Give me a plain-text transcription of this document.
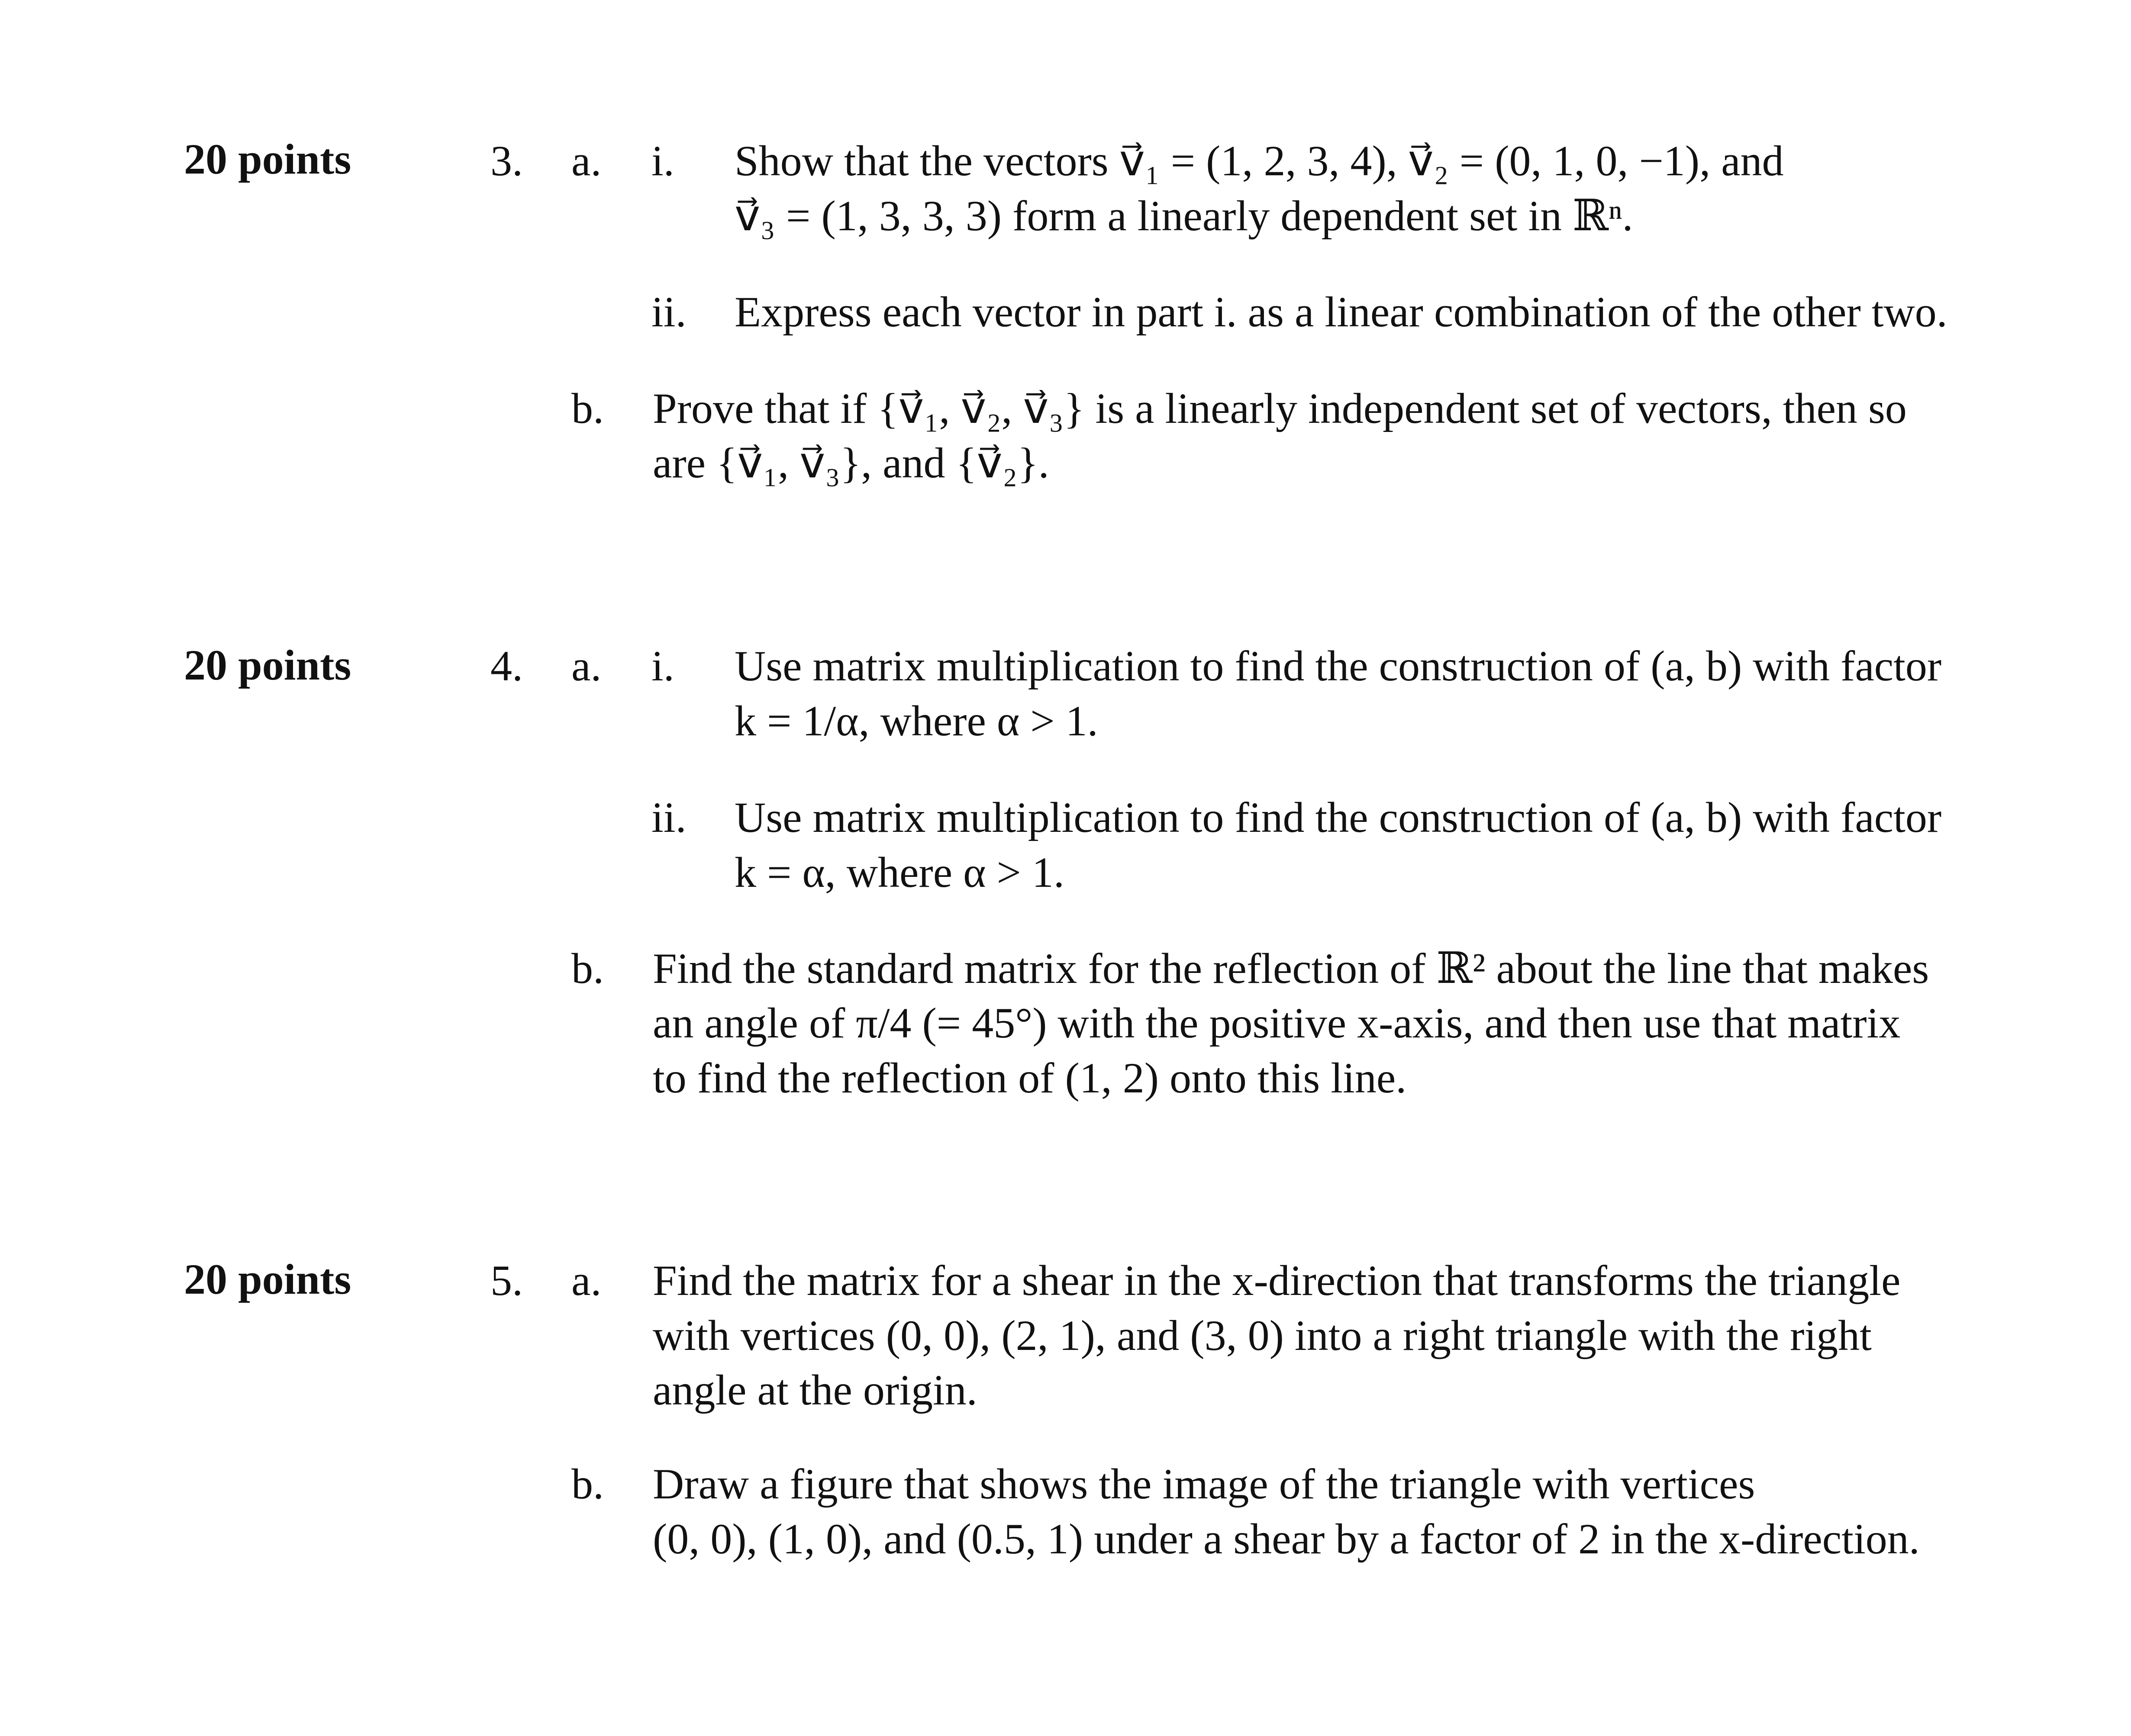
20 points	3. a. i. Show that the vectors v⃗₁ = (1, 2, 3, 4), v⃗₂ = (0, 1, 0, −1), and
v⃗₃ = (1, 3, 3, 3) form a linearly dependent set in ℝⁿ.
ii. Express each vector in part i. as a linear combination of the other two.
b. Prove that if {v⃗₁, v⃗₂, v⃗₃} is a linearly independent set of vectors, then so
are {v⃗₁, v⃗₃}, and {v⃗₂}.
20 points	4. a. i. Use matrix multiplication to find the construction of (a, b) with factor
k = 1/α, where α > 1.
ii. Use matrix multiplication to find the construction of (a, b) with factor
k = α, where α > 1.
b. Find the standard matrix for the reflection of ℝ² about the line that makes
an angle of π/4 (= 45°) with the positive x-axis, and then use that matrix
to find the reflection of (1, 2) onto this line.
20 points	5. a. Find the matrix for a shear in the x-direction that transforms the triangle
with vertices (0, 0), (2, 1), and (3, 0) into a right triangle with the right
angle at the origin.
b. Draw a figure that shows the image of the triangle with vertices
(0, 0), (1, 0), and (0.5, 1) under a shear by a factor of 2 in the x-direction.
